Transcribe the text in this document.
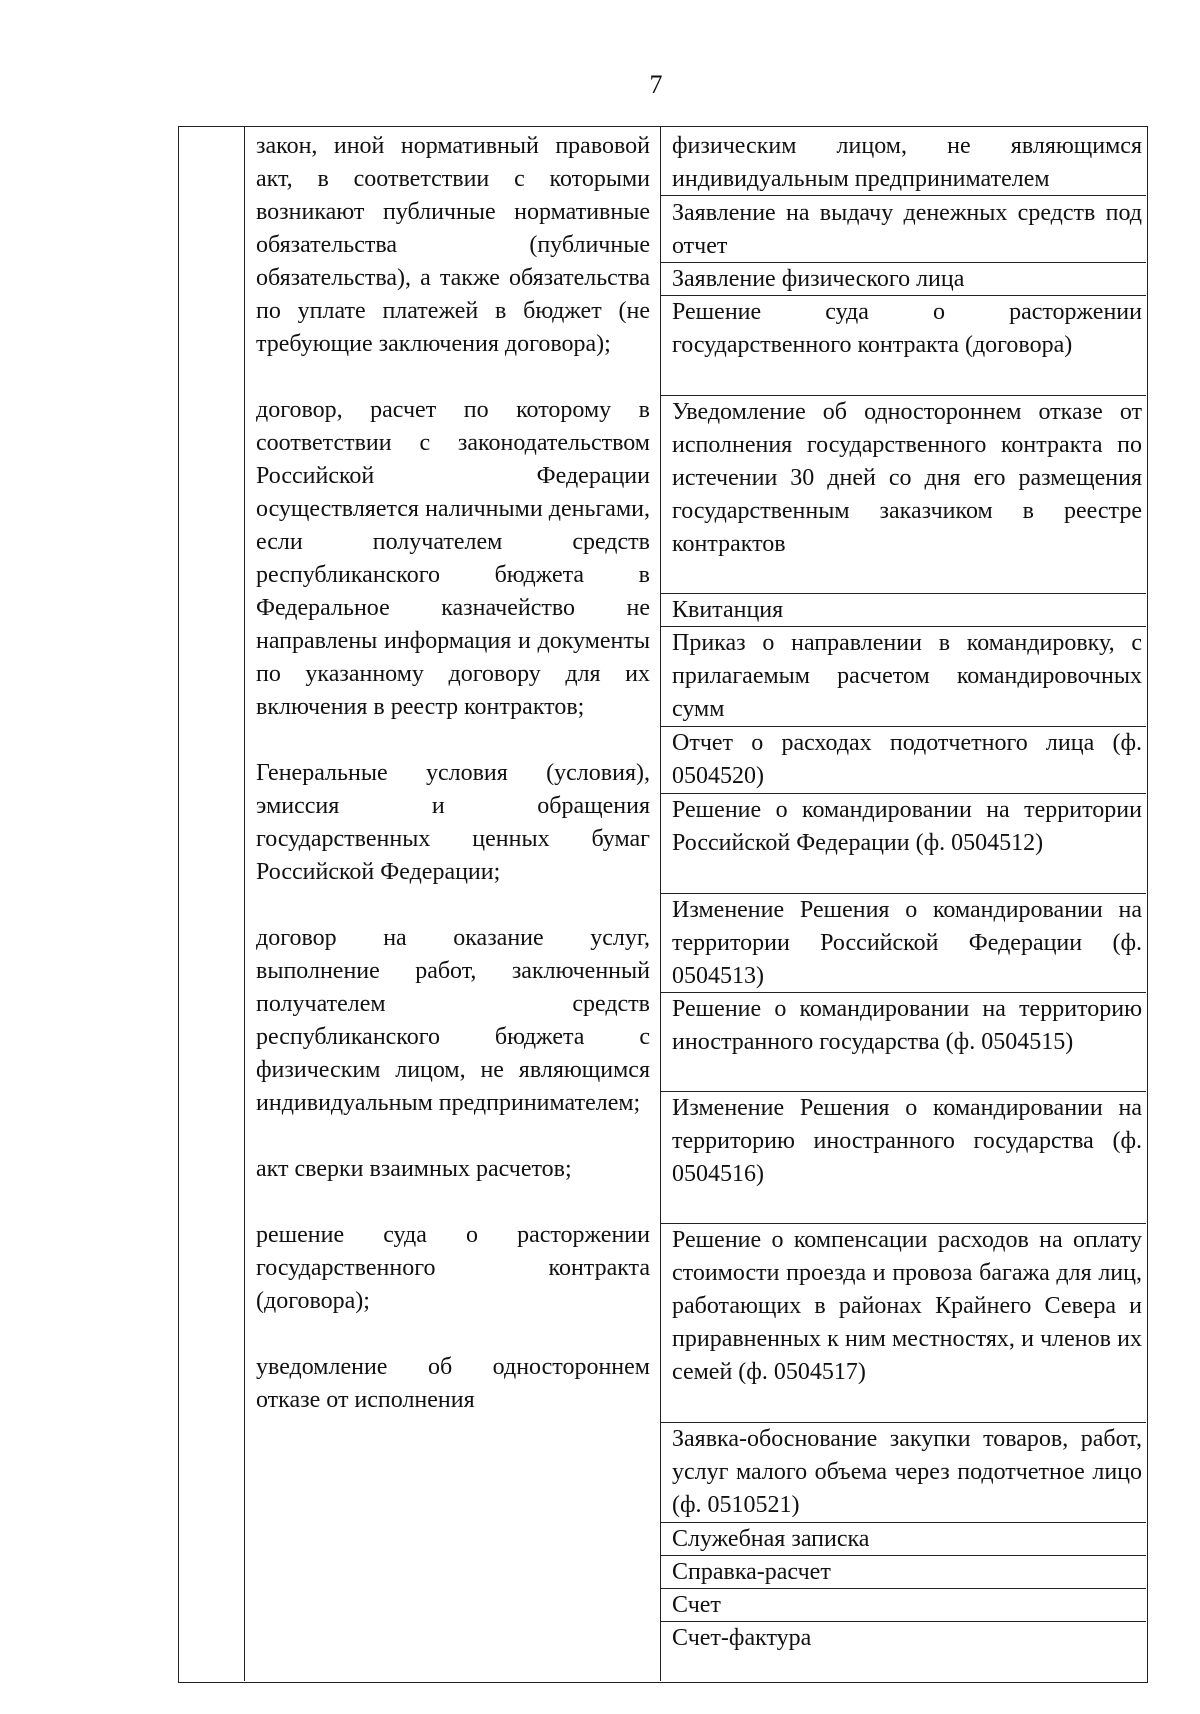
7

закон, иной нормативный правовой акт, в соответствии с которыми возникают публичные нормативные обязательства (публичные обязательства), а также обязательства по уплате платежей в бюджет (не требующие заключения договора);

договор, расчет по которому в соответствии с законодательством Российской Федерации осуществляется наличными деньгами, если получателем средств республиканского бюджета в Федеральное казначейство не направлены информация и документы по указанному договору для их включения в реестр контрактов;

Генеральные условия (условия), эмиссия и обращения государственных ценных бумаг Российской Федерации;

договор на оказание услуг, выполнение работ, заключенный получателем средств республиканского бюджета с физическим лицом, не являющимся индивидуальным предпринимателем;

акт сверки взаимных расчетов;

решение суда о расторжении государственного контракта (договора);

уведомление об одностороннем отказе от исполнения

физическим лицом, не являющимся индивидуальным предпринимателем

Заявление на выдачу денежных средств под отчет

Заявление физического лица

Решение суда о расторжении государственного контракта (договора)

Уведомление об одностороннем отказе от исполнения государственного контракта по истечении 30 дней со дня его размещения государственным заказчиком в реестре контрактов

Квитанция

Приказ о направлении в командировку, с прилагаемым расчетом командировочных сумм

Отчет о расходах подотчетного лица (ф. 0504520)

Решение о командировании на территории Российской Федерации (ф. 0504512)

Изменение Решения о командировании на территории Российской Федерации (ф. 0504513)

Решение о командировании на территорию иностранного государства (ф. 0504515)

Изменение Решения о командировании на территорию иностранного государства (ф. 0504516)

Решение о компенсации расходов на оплату стоимости проезда и провоза багажа для лиц, работающих в районах Крайнего Севера и приравненных к ним местностях, и членов их семей (ф. 0504517)

Заявка-обоснование закупки товаров, работ, услуг малого объема через подотчетное лицо (ф. 0510521)

Служебная записка

Справка-расчет

Счет

Счет-фактура
